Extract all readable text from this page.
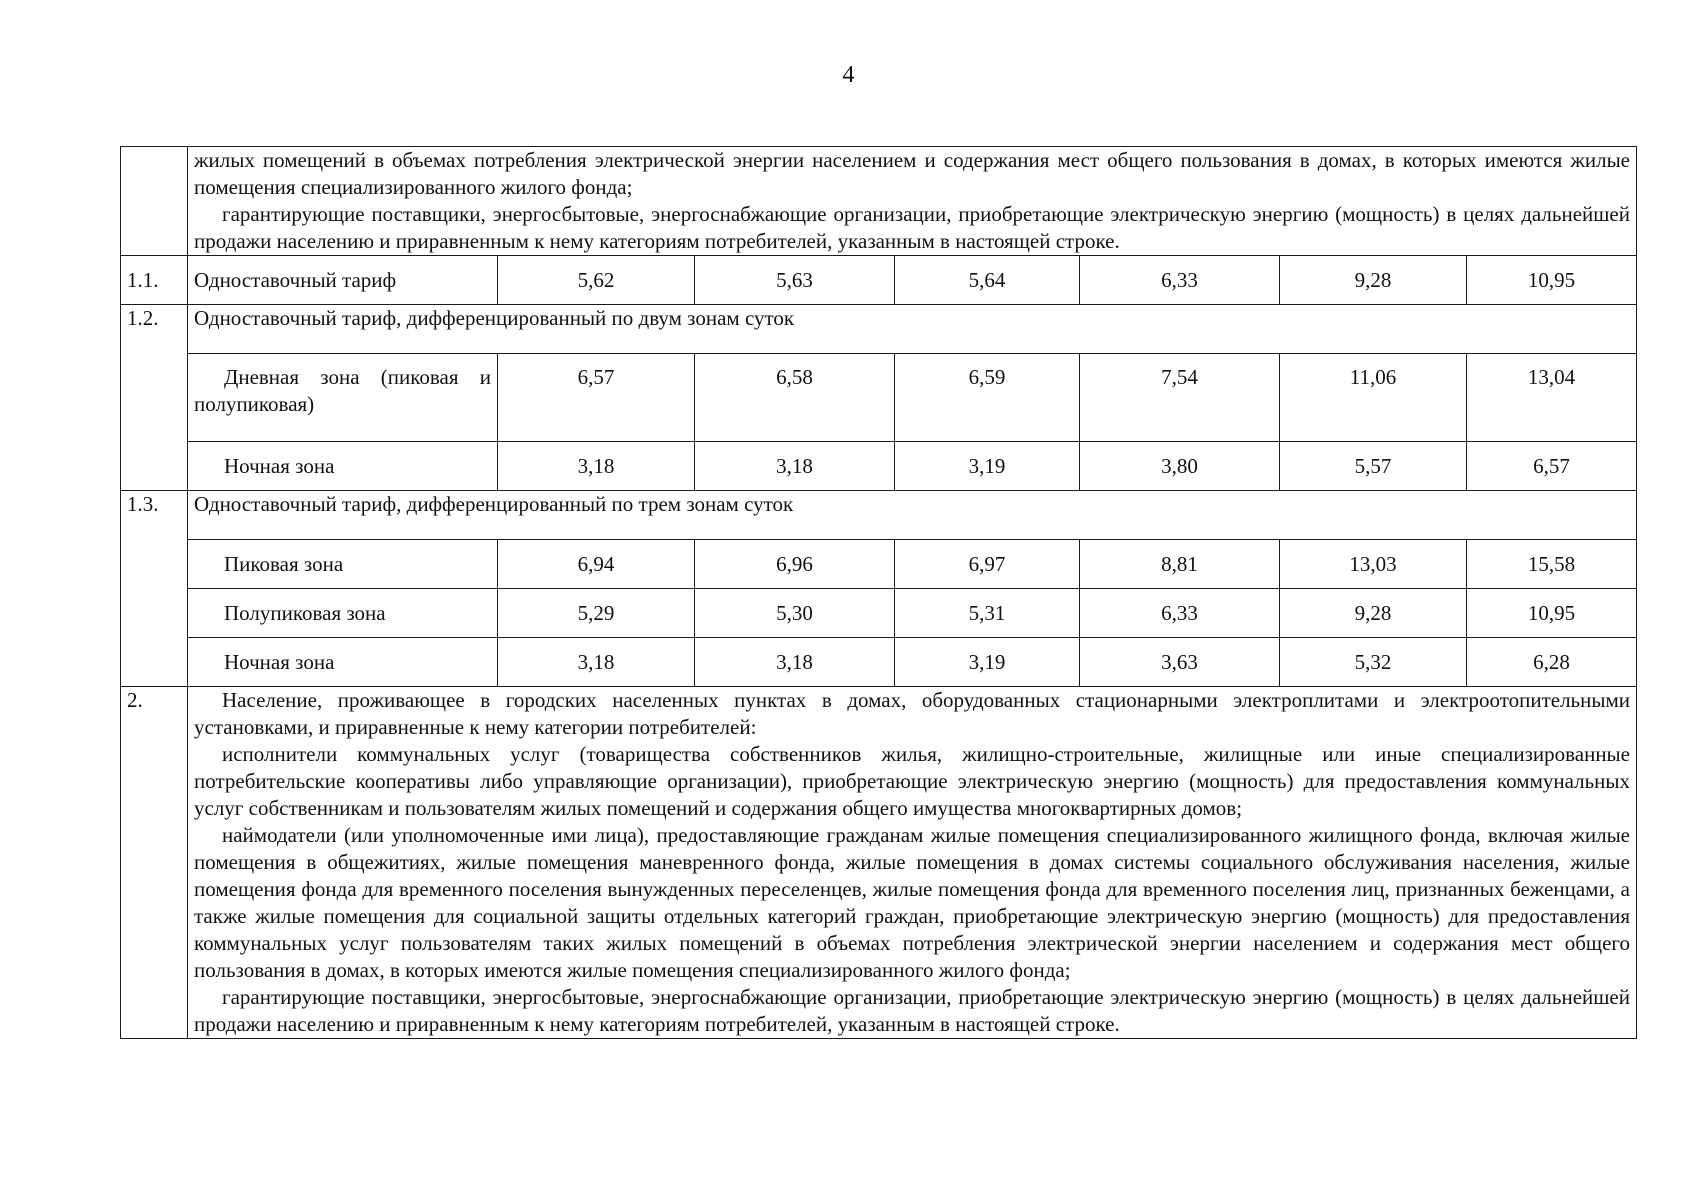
4

	жилых помещений в объемах потребления электрической энергии населением и содержания мест общего пользования в домах, в которых имеются жилые помещения специализированного жилого фонда;

гарантирующие поставщики, энергосбытовые, энергоснабжающие организации, приобретающие электрическую энергию (мощность) в целях дальнейшей продажи населению и приравненным к нему категориям потребителей, указанным в настоящей строке.						

1.1.	Одноставочный тариф	5,62	5,63	5,64	6,33	9,28	10,95
1.2.	Одноставочный тариф, дифференцированный по двум зонам суток						
	Дневная зона (пиковая и полупиковая)	6,57	6,58	6,59	7,54	11,06	13,04
	Ночная зона	3,18	3,18	3,19	3,80	5,57	6,57
1.3.	Одноставочный тариф, дифференцированный по трем зонам суток						
	Пиковая зона	6,94	6,96	6,97	8,81	13,03	15,58
	Полупиковая зона	5,29	5,30	5,31	6,33	9,28	10,95
	Ночная зона	3,18	3,18	3,19	3,63	5,32	6,28
2.	Население, проживающее в городских населенных пунктах в домах, оборудованных стационарными электроплитами и электроотопительными установками, и приравненные к нему категории потребителей:

исполнители коммунальных услуг (товарищества собственников жилья, жилищно-строительные, жилищные или иные специализированные потребительские кооперативы либо управляющие организации), приобретающие электрическую энергию (мощность) для предоставления коммунальных услуг собственникам и пользователям жилых помещений и содержания общего имущества многоквартирных домов;

наймодатели (или уполномоченные ими лица), предоставляющие гражданам жилые помещения специализированного жилищного фонда, включая жилые помещения в общежитиях, жилые помещения маневренного фонда, жилые помещения в домах системы социального обслуживания населения, жилые помещения фонда для временного поселения вынужденных переселенцев, жилые помещения фонда для временного поселения лиц, признанных беженцами, а также жилые помещения для социальной защиты отдельных категорий граждан, приобретающие электрическую энергию (мощность) для предоставления коммунальных услуг пользователям таких жилых помещений в объемах потребления электрической энергии населением и содержания мест общего пользования в домах, в которых имеются жилые помещения специализированного жилого фонда;

гарантирующие поставщики, энергосбытовые, энергоснабжающие организации, приобретающие электрическую энергию (мощность) в целях дальнейшей продажи населению и приравненным к нему категориям потребителей, указанным в настоящей строке.						
